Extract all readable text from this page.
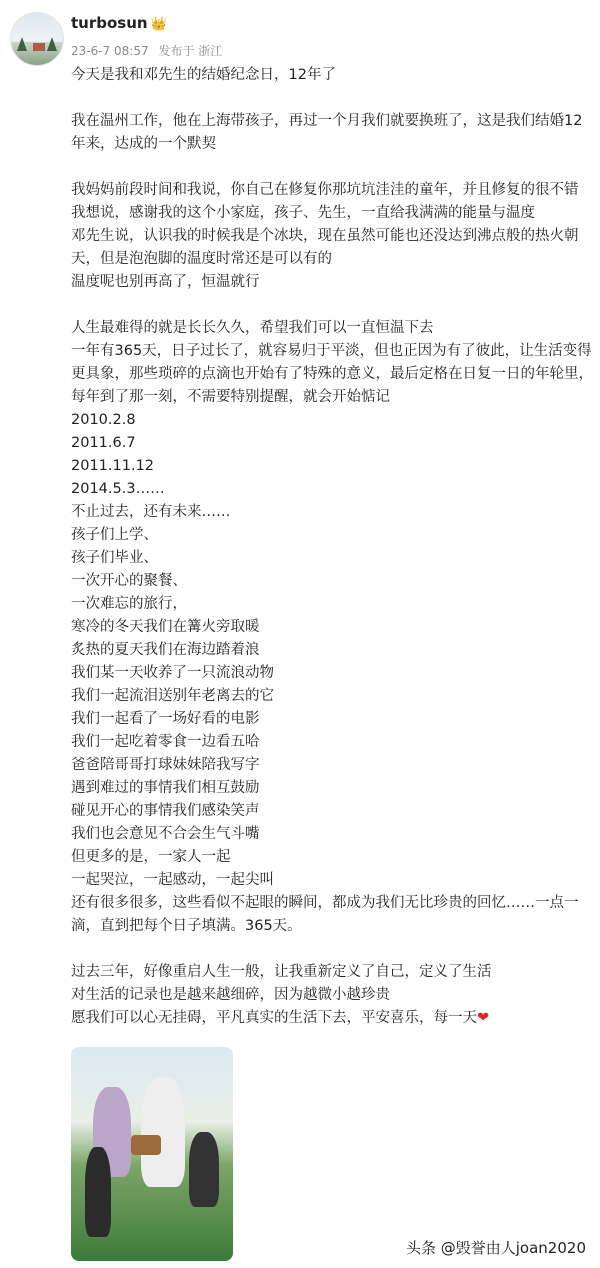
turbosun 👑
23-6-7 08:57 发布于 浙江
今天是我和邓先生的结婚纪念日，12年了
我在温州工作，他在上海带孩子，再过一个月我们就要换班了，这是我们结婚12
年来，达成的一个默契
我妈妈前段时间和我说，你自己在修复你那坑坑洼洼的童年，并且修复的很不错
我想说，感谢我的这个小家庭，孩子、先生，一直给我满满的能量与温度
邓先生说，认识我的时候我是个冰块，现在虽然可能也还没达到沸点般的热火朝
天，但是泡泡脚的温度时常还是可以有的
温度呢也别再高了，恒温就行
人生最难得的就是长长久久，希望我们可以一直恒温下去
一年有365天，日子过长了，就容易归于平淡，但也正因为有了彼此，让生活变得
更具象，那些琐碎的点滴也开始有了特殊的意义，最后定格在日复一日的年轮里，
每年到了那一刻，不需要特别提醒，就会开始惦记
2010.2.8
2011.6.7
2011.11.12
2014.5.3……
不止过去，还有未来……
孩子们上学、
孩子们毕业、
一次开心的聚餐、
一次难忘的旅行，
寒冷的冬天我们在篝火旁取暖
炙热的夏天我们在海边踏着浪
我们某一天收养了一只流浪动物
我们一起流泪送别年老离去的它
我们一起看了一场好看的电影
我们一起吃着零食一边看五哈
爸爸陪哥哥打球妹妹陪我写字
遇到难过的事情我们相互鼓励
碰见开心的事情我们感染笑声
我们也会意见不合会生气斗嘴
但更多的是，一家人一起
一起哭泣，一起感动，一起尖叫
还有很多很多，这些看似不起眼的瞬间，都成为我们无比珍贵的回忆……一点一
滴，直到把每个日子填满。365天。
过去三年，好像重启人生一般，让我重新定义了自己，定义了生活
对生活的记录也是越来越细碎，因为越微小越珍贵
愿我们可以心无挂碍，平凡真实的生活下去，平安喜乐，每一天❤
头条 @毁誉由人joan2020
